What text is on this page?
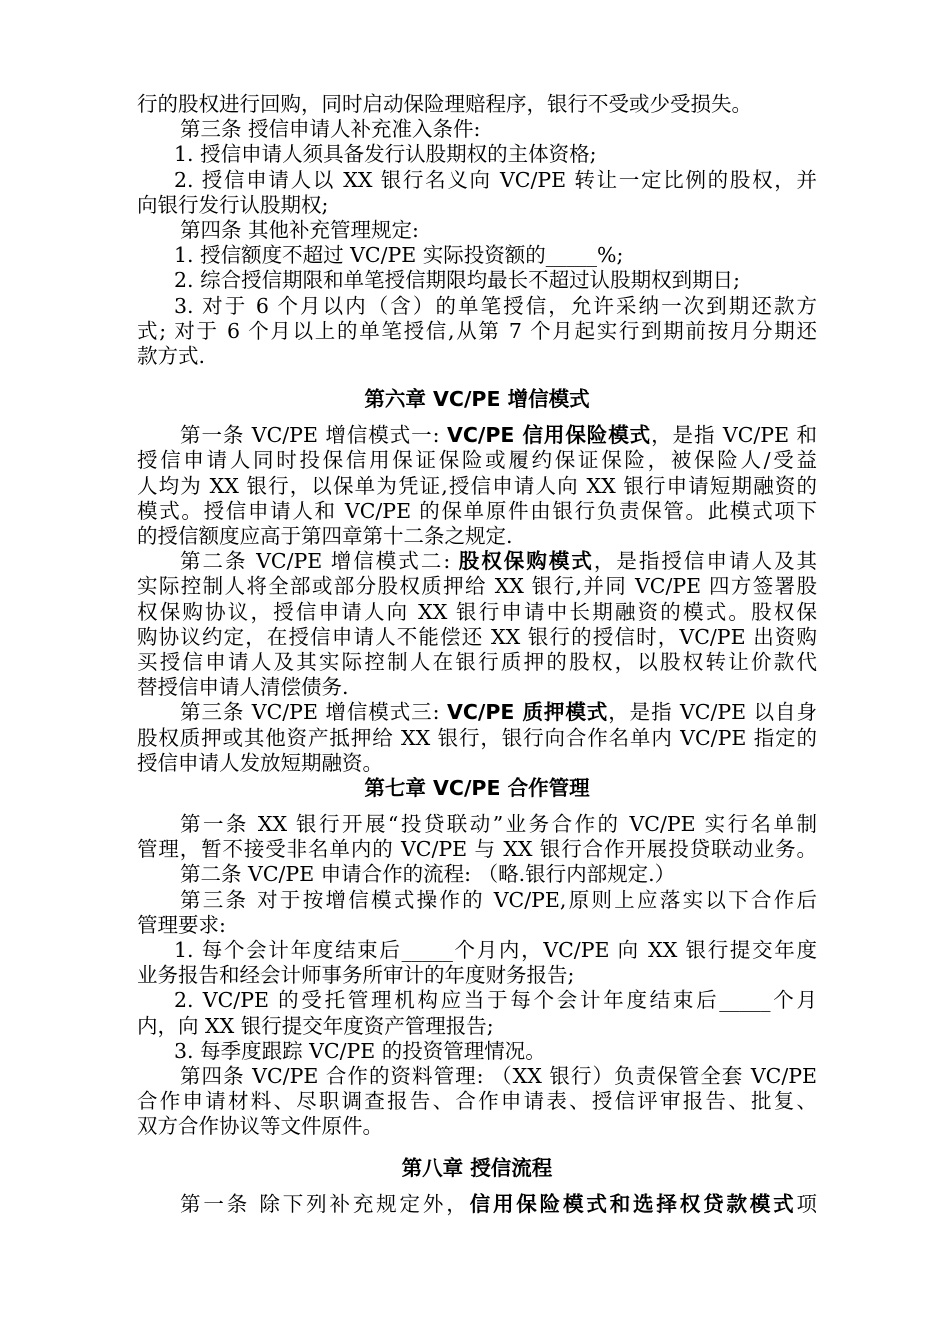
行的股权进行回购，同时启动保险理赔程序，银行不受或少受损失。
第三条 授信申请人补充准入条件:
1. 授信申请人须具备发行认股期权的主体资格;
2. 授信申请人以 XX 银行名义向 VC/PE 转让一定比例的股权，并
向银行发行认股期权;
第四条 其他补充管理规定:
1. 授信额度不超过 VC/PE 实际投资额的_____%;
2. 综合授信期限和单笔授信期限均最长不超过认股期权到期日;
3. 对于 6 个月以内（含）的单笔授信，允许采纳一次到期还款方
式; 对于 6 个月以上的单笔授信,从第 7 个月起实行到期前按月分期还
款方式.
第六章 VC/PE 增信模式
第一条 VC/PE 增信模式一: VC/PE 信用保险模式，是指 VC/PE 和
授信申请人同时投保信用保证保险或履约保证保险，被保险人/受益
人均为 XX 银行，以保单为凭证,授信申请人向 XX 银行申请短期融资的
模式。授信申请人和 VC/PE 的保单原件由银行负责保管。此模式项下
的授信额度应高于第四章第十二条之规定.
第二条 VC/PE 增信模式二: 股权保购模式，是指授信申请人及其
实际控制人将全部或部分股权质押给 XX 银行,并同 VC/PE 四方签署股
权保购协议，授信申请人向 XX 银行申请中长期融资的模式。股权保
购协议约定，在授信申请人不能偿还 XX 银行的授信时，VC/PE 出资购
买授信申请人及其实际控制人在银行质押的股权，以股权转让价款代
替授信申请人清偿债务.
第三条 VC/PE 增信模式三: VC/PE 质押模式，是指 VC/PE 以自身
股权质押或其他资产抵押给 XX 银行，银行向合作名单内 VC/PE 指定的
授信申请人发放短期融资。
第七章 VC/PE 合作管理
第一条 XX 银行开展“投贷联动”业务合作的 VC/PE 实行名单制
管理，暂不接受非名单内的 VC/PE 与 XX 银行合作开展投贷联动业务。
第二条 VC/PE 申请合作的流程: （略.银行内部规定.）
第三条 对于按增信模式操作的 VC/PE,原则上应落实以下合作后
管理要求:
1. 每个会计年度结束后_____个月内，VC/PE 向 XX 银行提交年度
业务报告和经会计师事务所审计的年度财务报告;
2. VC/PE 的受托管理机构应当于每个会计年度结束后_____个月
内，向 XX 银行提交年度资产管理报告;
3. 每季度跟踪 VC/PE 的投资管理情况。
第四条 VC/PE 合作的资料管理: （XX 银行）负责保管全套 VC/PE
合作申请材料、尽职调查报告、合作申请表、授信评审报告、批复、
双方合作协议等文件原件。
第八章 授信流程
第一条 除下列补充规定外，信用保险模式和选择权贷款模式项
